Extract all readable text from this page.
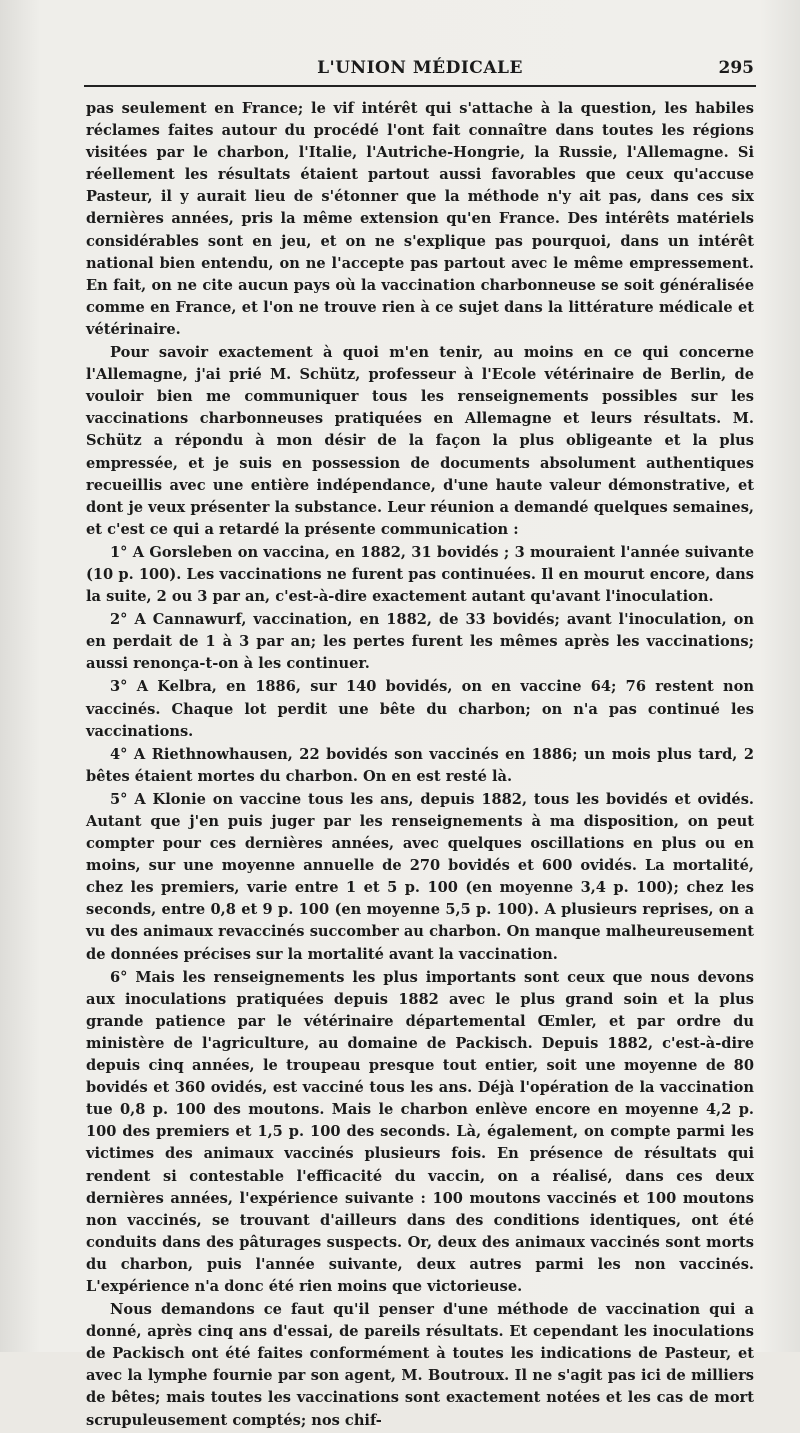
L'UNION MÉDICALE	295

pas seulement en France; le vif intérêt qui s'attache à la question, les habiles réclames faites autour du procédé l'ont fait connaître dans toutes les régions visitées par le charbon, l'Italie, l'Autriche-Hongrie, la Russie, l'Allemagne. Si réellement les résultats étaient partout aussi favorables que ceux qu'accuse Pasteur, il y aurait lieu de s'étonner que la méthode n'y ait pas, dans ces six dernières années, pris la même extension qu'en France. Des intérêts matériels considérables sont en jeu, et on ne s'explique pas pourquoi, dans un intérêt national bien entendu, on ne l'accepte pas partout avec le même empressement. En fait, on ne cite aucun pays où la vaccination charbonneuse se soit généralisée comme en France, et l'on ne trouve rien à ce sujet dans la littérature médicale et vétérinaire.

Pour savoir exactement à quoi m'en tenir, au moins en ce qui concerne l'Allemagne, j'ai prié M. Schütz, professeur à l'Ecole vétérinaire de Berlin, de vouloir bien me communiquer tous les renseignements possibles sur les vaccinations charbonneuses pratiquées en Allemagne et leurs résultats. M. Schütz a répondu à mon désir de la façon la plus obligeante et la plus empressée, et je suis en possession de documents absolument authentiques recueillis avec une entière indépendance, d'une haute valeur démonstrative, et dont je veux présenter la substance. Leur réunion a demandé quelques semaines, et c'est ce qui a retardé la présente communication :

1° A Gorsleben on vaccina, en 1882, 31 bovidés ; 3 mouraient l'année suivante (10 p. 100). Les vaccinations ne furent pas continuées. Il en mourut encore, dans la suite, 2 ou 3 par an, c'est-à-dire exactement autant qu'avant l'inoculation.

2° A Cannawurf, vaccination, en 1882, de 33 bovidés; avant l'inoculation, on en perdait de 1 à 3 par an; les pertes furent les mêmes après les vaccinations; aussi renonça-t-on à les continuer.

3° A Kelbra, en 1886, sur 140 bovidés, on en vaccine 64; 76 restent non vaccinés. Chaque lot perdit une bête du charbon; on n'a pas continué les vaccinations.

4° A Riethnowhausen, 22 bovidés son vaccinés en 1886; un mois plus tard, 2 bêtes étaient mortes du charbon. On en est resté là.

5° A Klonie on vaccine tous les ans, depuis 1882, tous les bovidés et ovidés. Autant que j'en puis juger par les renseignements à ma disposition, on peut compter pour ces dernières années, avec quelques oscillations en plus ou en moins, sur une moyenne annuelle de 270 bovidés et 600 ovidés. La mortalité, chez les premiers, varie entre 1 et 5 p. 100 (en moyenne 3,4 p. 100); chez les seconds, entre 0,8 et 9 p. 100 (en moyenne 5,5 p. 100). A plusieurs reprises, on a vu des animaux revaccinés succomber au charbon. On manque malheureusement de données précises sur la mortalité avant la vaccination.

6° Mais les renseignements les plus importants sont ceux que nous devons aux inoculations pratiquées depuis 1882 avec le plus grand soin et la plus grande patience par le vétérinaire départemental Œmler, et par ordre du ministère de l'agriculture, au domaine de Packisch. Depuis 1882, c'est-à-dire depuis cinq années, le troupeau presque tout entier, soit une moyenne de 80 bovidés et 360 ovidés, est vacciné tous les ans. Déjà l'opération de la vaccination tue 0,8 p. 100 des moutons. Mais le charbon enlève encore en moyenne 4,2 p. 100 des premiers et 1,5 p. 100 des seconds. Là, également, on compte parmi les victimes des animaux vaccinés plusieurs fois. En présence de résultats qui rendent si contestable l'efficacité du vaccin, on a réalisé, dans ces deux dernières années, l'expérience suivante : 100 moutons vaccinés et 100 moutons non vaccinés, se trouvant d'ailleurs dans des conditions identiques, ont été conduits dans des pâturages suspects. Or, deux des animaux vaccinés sont morts du charbon, puis l'année suivante, deux autres parmi les non vaccinés. L'expérience n'a donc été rien moins que victorieuse.

Nous demandons ce faut qu'il penser d'une méthode de vaccination qui a donné, après cinq ans d'essai, de pareils résultats. Et cependant les inoculations de Packisch ont été faites conformément à toutes les indications de Pasteur, et avec la lymphe fournie par son agent, M. Boutroux. Il ne s'agit pas ici de milliers de bêtes; mais toutes les vaccinations sont exactement notées et les cas de mort scrupuleusement comptés; nos chif-
